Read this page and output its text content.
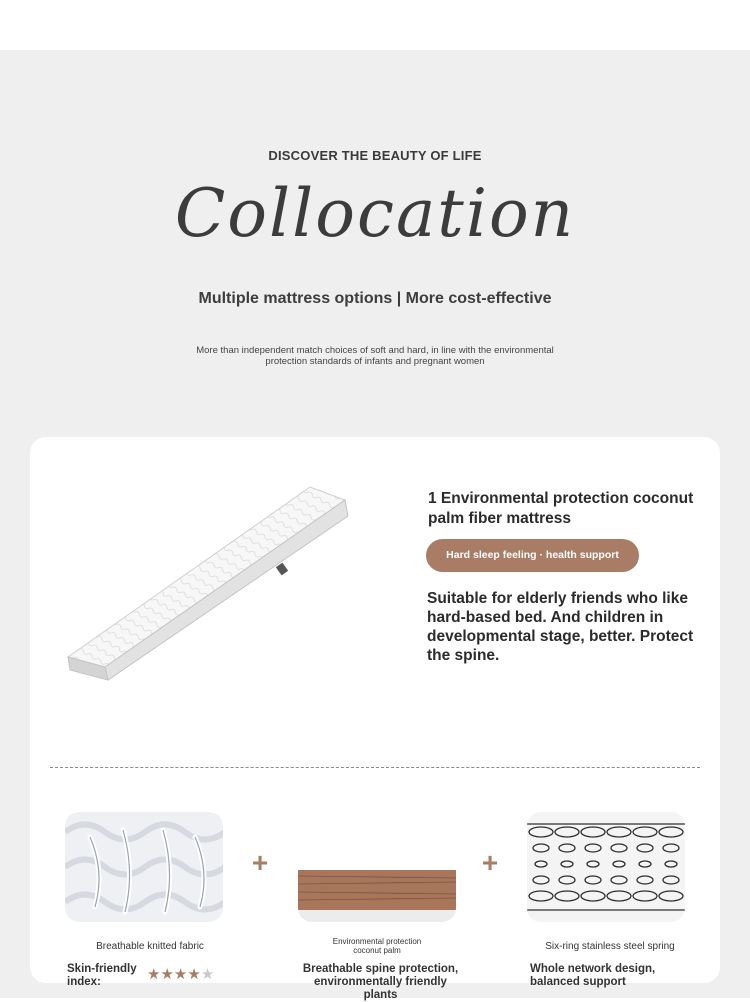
DISCOVER THE BEAUTY OF LIFE
Collocation
Multiple mattress options | More cost-effective
More than independent match choices of soft and hard, in line with the environmental protection standards of infants and pregnant women
1 Environmental protection coconut palm fiber mattress
Hard sleep feeling · health support
Suitable for elderly friends who like hard-based bed. And children in developmental stage, better. Protect the spine.
+	+
Breathable knitted fabric	Environmental protection coconut palm	Six-ring stainless steel spring
Skin-friendly index:	★★★★★	Breathable spine protection, environmentally friendly plants
Whole network design, balanced support
